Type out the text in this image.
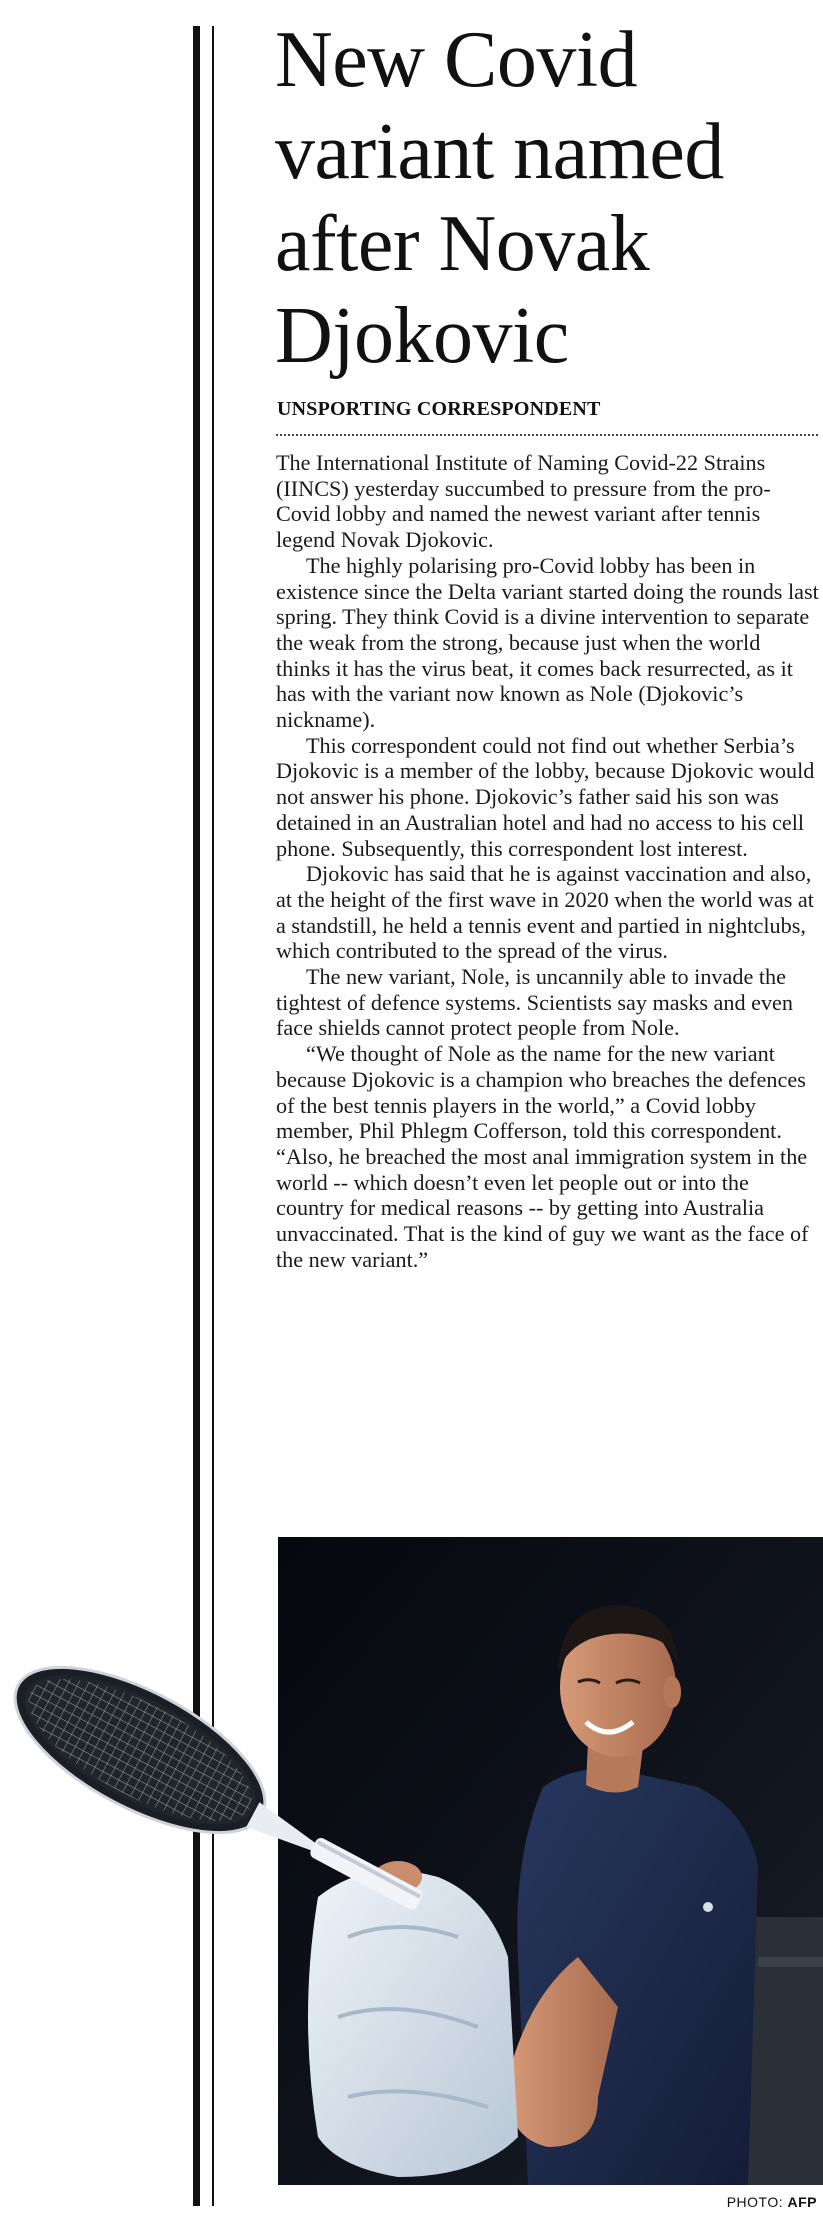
New Covid variant named after Novak Djokovic
UNSPORTING CORRESPONDENT

The International Institute of Naming Covid-22 Strains (IINCS) yesterday succumbed to pressure from the pro-Covid lobby and named the newest variant after tennis legend Novak Djokovic.

The highly polarising pro-Covid lobby has been in existence since the Delta variant started doing the rounds last spring. They think Covid is a divine intervention to separate the weak from the strong, because just when the world thinks it has the virus beat, it comes back resurrected, as it has with the variant now known as Nole (Djokovic’s nickname).

This correspondent could not find out whether Serbia’s Djokovic is a member of the lobby, because Djokovic would not answer his phone. Djokovic’s father said his son was detained in an Australian hotel and had no access to his cell phone. Subsequently, this correspondent lost interest.

Djokovic has said that he is against vaccination and also, at the height of the first wave in 2020 when the world was at a standstill, he held a tennis event and partied in nightclubs, which contributed to the spread of the virus.

The new variant, Nole, is uncannily able to invade the tightest of defence systems. Scientists say masks and even face shields cannot protect people from Nole.

“We thought of Nole as the name for the new variant because Djokovic is a champion who breaches the defences of the best tennis players in the world,” a Covid lobby member, Phil Phlegm Cofferson, told this correspondent. “Also, he breached the most anal immigration system in the world -- which doesn’t even let people out or into the country for medical reasons -- by getting into Australia unvaccinated. That is the kind of guy we want as the face of the new variant.”

PHOTO: AFP
